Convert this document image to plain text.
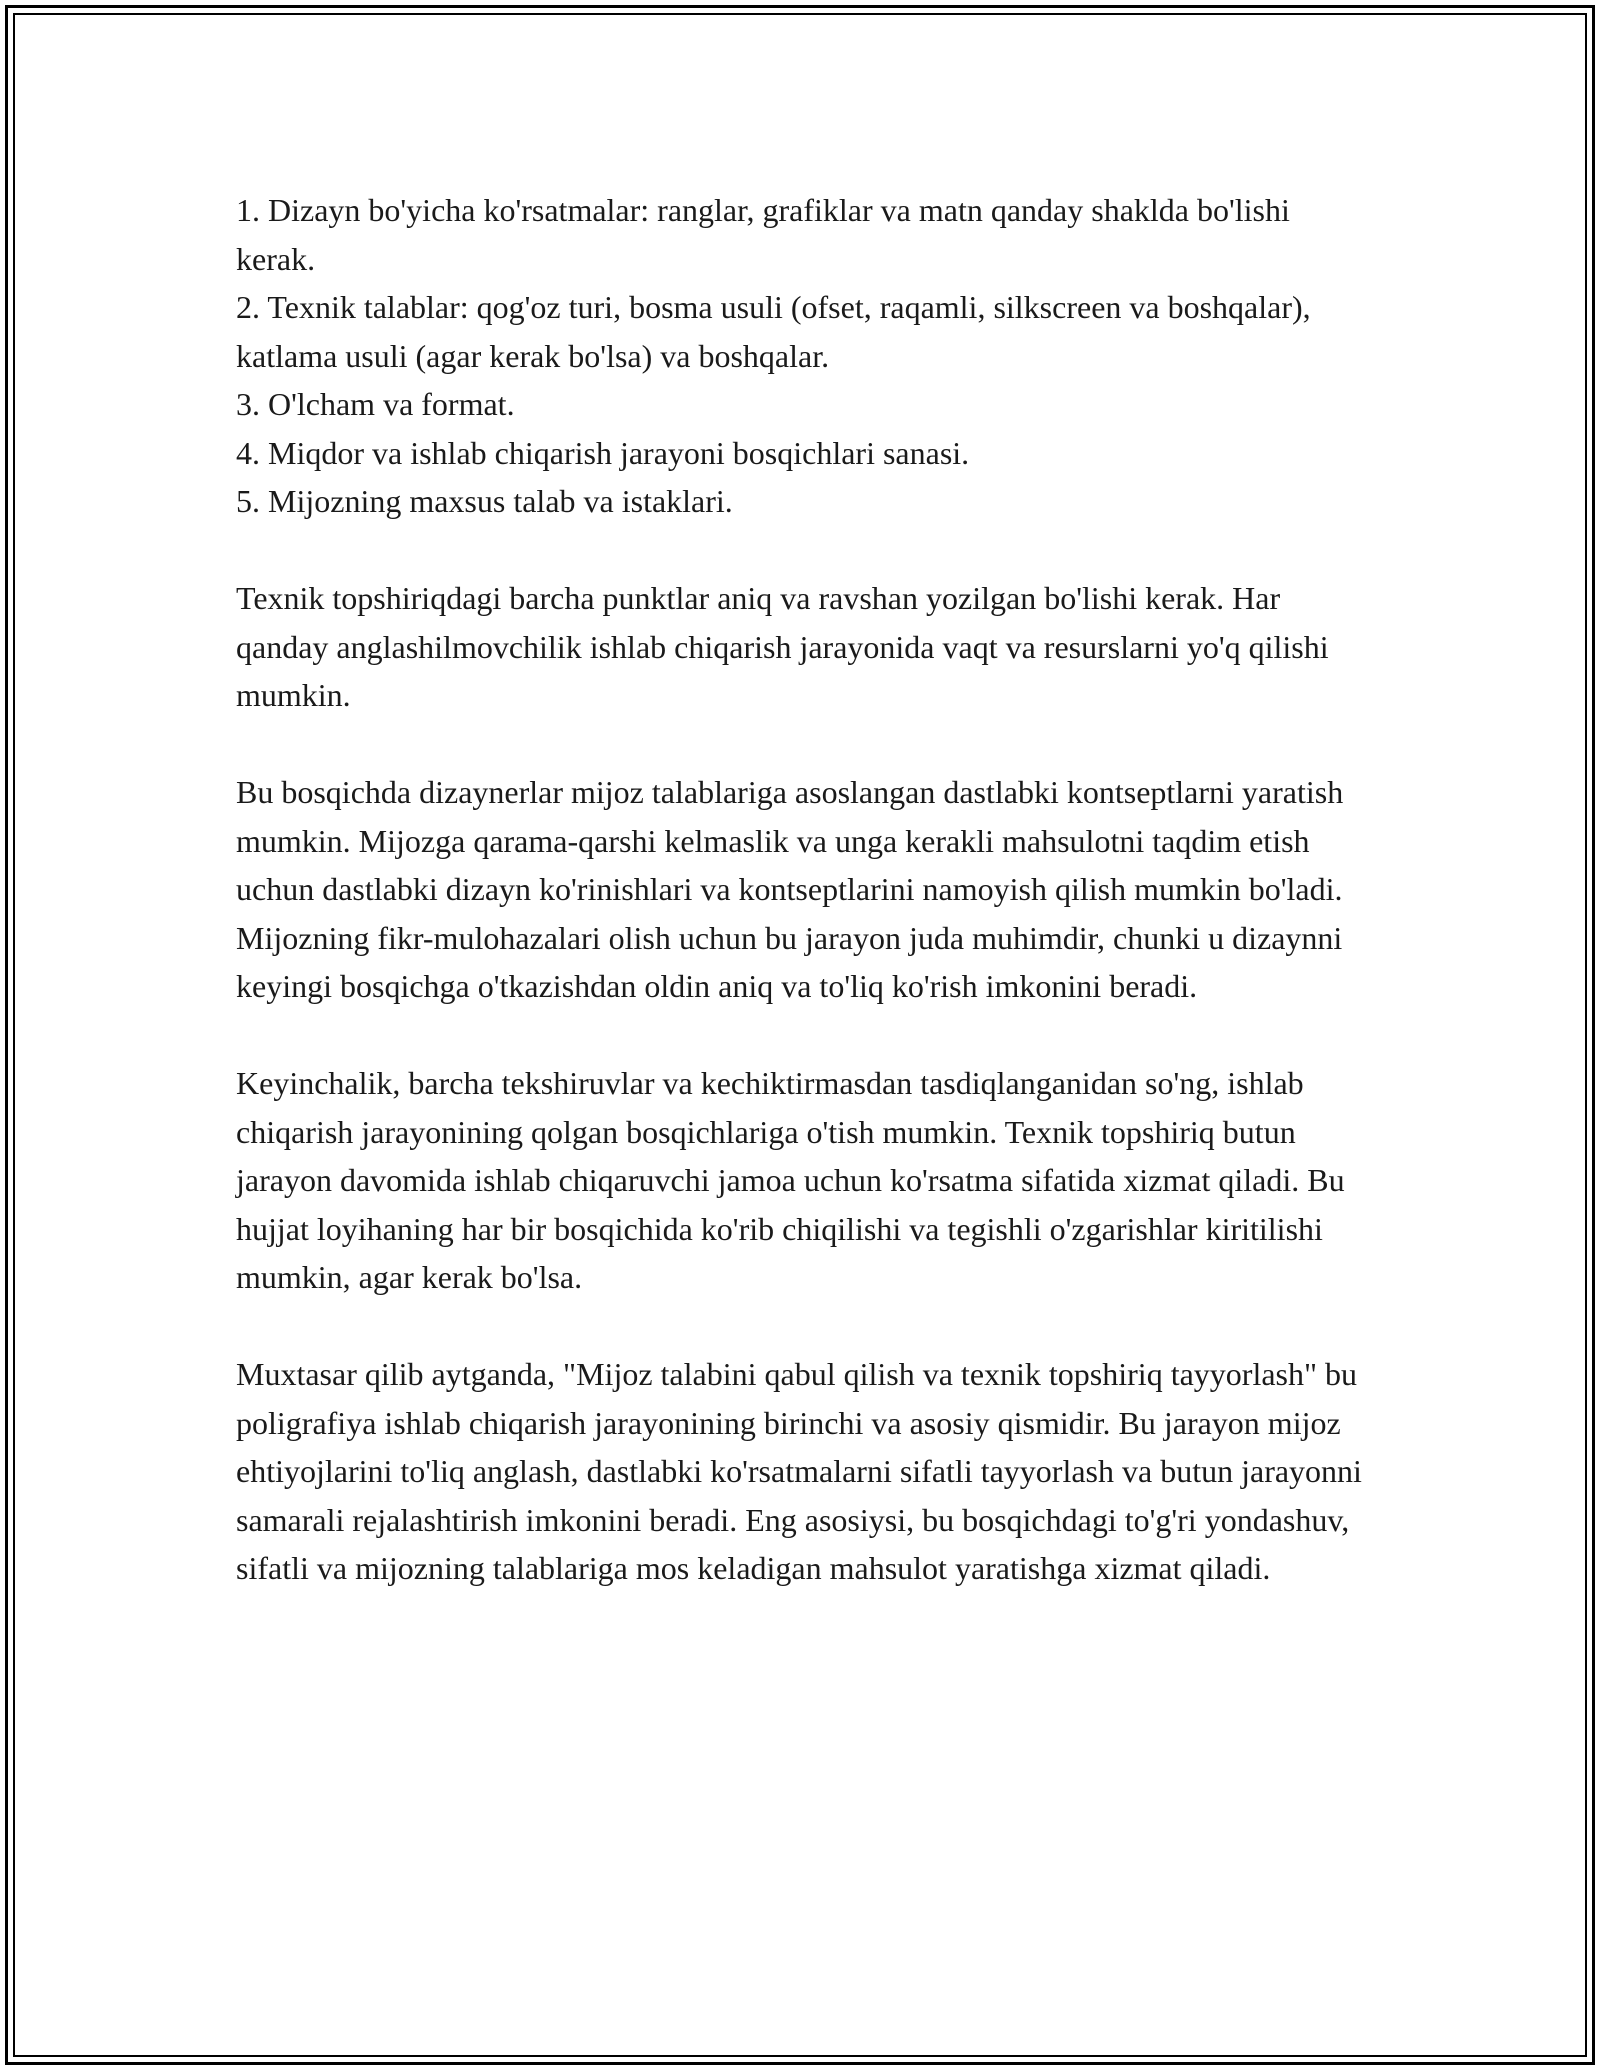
1. Dizayn bo'yicha ko'rsatmalar: ranglar, grafiklar va matn qanday shaklda bo'lishi kerak.

2. Texnik talablar: qog'oz turi, bosma usuli (ofset, raqamli, silkscreen va boshqalar), katlama usuli (agar kerak bo'lsa) va boshqalar.

3. O'lcham va format.

4. Miqdor va ishlab chiqarish jarayoni bosqichlari sanasi.

5. Mijozning maxsus talab va istaklari.

Texnik topshiriqdagi barcha punktlar aniq va ravshan yozilgan bo'lishi kerak. Har qanday anglashilmovchilik ishlab chiqarish jarayonida vaqt va resurslarni yo'q qilishi mumkin.

Bu bosqichda dizaynerlar mijoz talablariga asoslangan dastlabki kontseptlarni yaratish mumkin. Mijozga qarama-qarshi kelmaslik va unga kerakli mahsulotni taqdim etish uchun dastlabki dizayn ko'rinishlari va kontseptlarini namoyish qilish mumkin bo'ladi. Mijozning fikr-mulohazalari olish uchun bu jarayon juda muhimdir, chunki u dizaynni keyingi bosqichga o'tkazishdan oldin aniq va to'liq ko'rish imkonini beradi.

Keyinchalik, barcha tekshiruvlar va kechiktirmasdan tasdiqlanganidan so'ng, ishlab chiqarish jarayonining qolgan bosqichlariga o'tish mumkin. Texnik topshiriq butun jarayon davomida ishlab chiqaruvchi jamoa uchun ko'rsatma sifatida xizmat qiladi. Bu hujjat loyihaning har bir bosqichida ko'rib chiqilishi va tegishli o'zgarishlar kiritilishi mumkin, agar kerak bo'lsa.

Muxtasar qilib aytganda, "Mijoz talabini qabul qilish va texnik topshiriq tayyorlash" bu poligrafiya ishlab chiqarish jarayonining birinchi va asosiy qismidir. Bu jarayon mijoz ehtiyojlarini to'liq anglash, dastlabki ko'rsatmalarni sifatli tayyorlash va butun jarayonni samarali rejalashtirish imkonini beradi. Eng asosiysi, bu bosqichdagi to'g'ri yondashuv, sifatli va mijozning talablariga mos keladigan mahsulot yaratishga xizmat qiladi.
